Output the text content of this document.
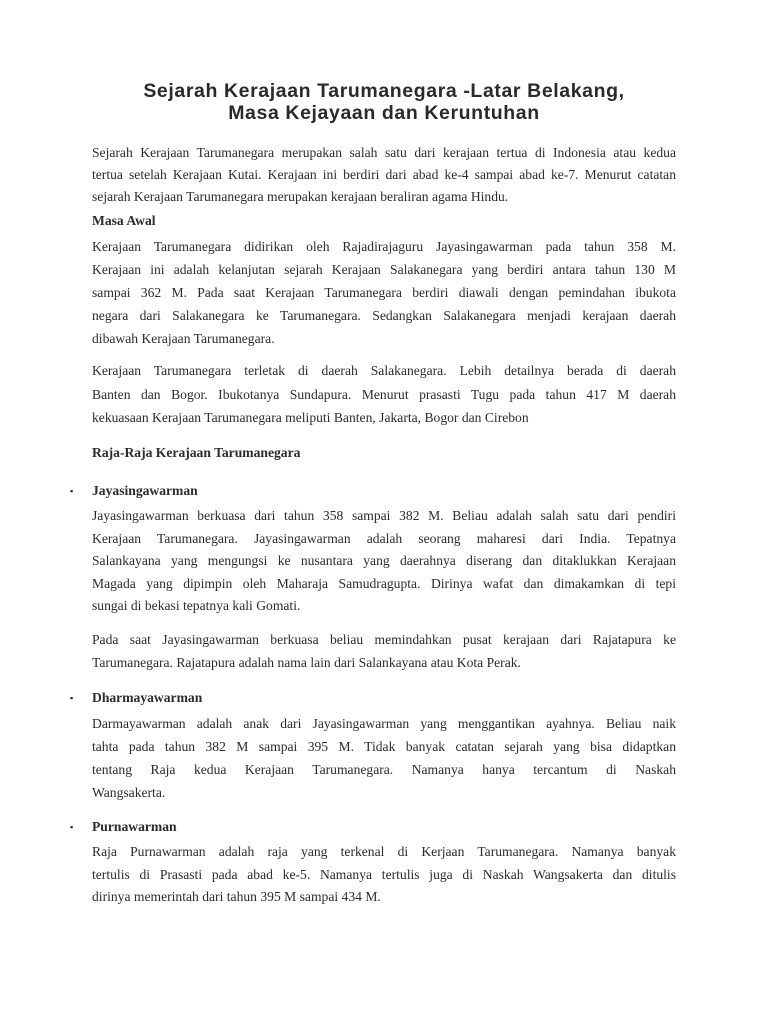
Sejarah Kerajaan Tarumanegara -Latar Belakang,
Masa Kejayaan dan Keruntuhan
Sejarah Kerajaan Tarumanegara merupakan salah satu dari kerajaan tertua di Indonesia atau kedua
tertua setelah Kerajaan Kutai. Kerajaan ini berdiri dari abad ke-4 sampai abad ke-7. Menurut catatan
sejarah Kerajaan Tarumanegara merupakan kerajaan beraliran agama Hindu.
Masa Awal
Kerajaan Tarumanegara didirikan oleh Rajadirajaguru Jayasingawarman pada tahun 358 M.
Kerajaan ini adalah kelanjutan sejarah Kerajaan Salakanegara yang berdiri antara tahun 130 M
sampai 362 M. Pada saat Kerajaan Tarumanegara berdiri diawali dengan pemindahan ibukota
negara dari Salakanegara ke Tarumanegara. Sedangkan Salakanegara menjadi kerajaan daerah
dibawah Kerajaan Tarumanegara.
Kerajaan Tarumanegara terletak di daerah Salakanegara. Lebih detailnya berada di daerah
Banten dan Bogor. Ibukotanya Sundapura. Menurut prasasti Tugu pada tahun 417 M daerah
kekuasaan Kerajaan Tarumanegara meliputi Banten, Jakarta, Bogor dan Cirebon
Raja-Raja Kerajaan Tarumanegara
▪ Jayasingawarman
Jayasingawarman berkuasa dari tahun 358 sampai 382 M. Beliau adalah salah satu dari pendiri
Kerajaan Tarumanegara. Jayasingawarman adalah seorang maharesi dari India. Tepatnya
Salankayana yang mengungsi ke nusantara yang daerahnya diserang dan ditaklukkan Kerajaan
Magada yang dipimpin oleh Maharaja Samudragupta. Dirinya wafat dan dimakamkan di tepi
sungai di bekasi tepatnya kali Gomati.
Pada saat Jayasingawarman berkuasa beliau memindahkan pusat kerajaan dari Rajatapura ke
Tarumanegara. Rajatapura adalah nama lain dari Salankayana atau Kota Perak.
▪ Dharmayawarman
Darmayawarman adalah anak dari Jayasingawarman yang menggantikan ayahnya. Beliau naik
tahta pada tahun 382 M sampai 395 M. Tidak banyak catatan sejarah yang bisa didaptkan
tentang Raja kedua Kerajaan Tarumanegara. Namanya hanya tercantum di Naskah
Wangsakerta.
▪ Purnawarman
Raja Purnawarman adalah raja yang terkenal di Kerjaan Tarumanegara. Namanya banyak
tertulis di Prasasti pada abad ke-5. Namanya tertulis juga di Naskah Wangsakerta dan ditulis
dirinya memerintah dari tahun 395 M sampai 434 M.
